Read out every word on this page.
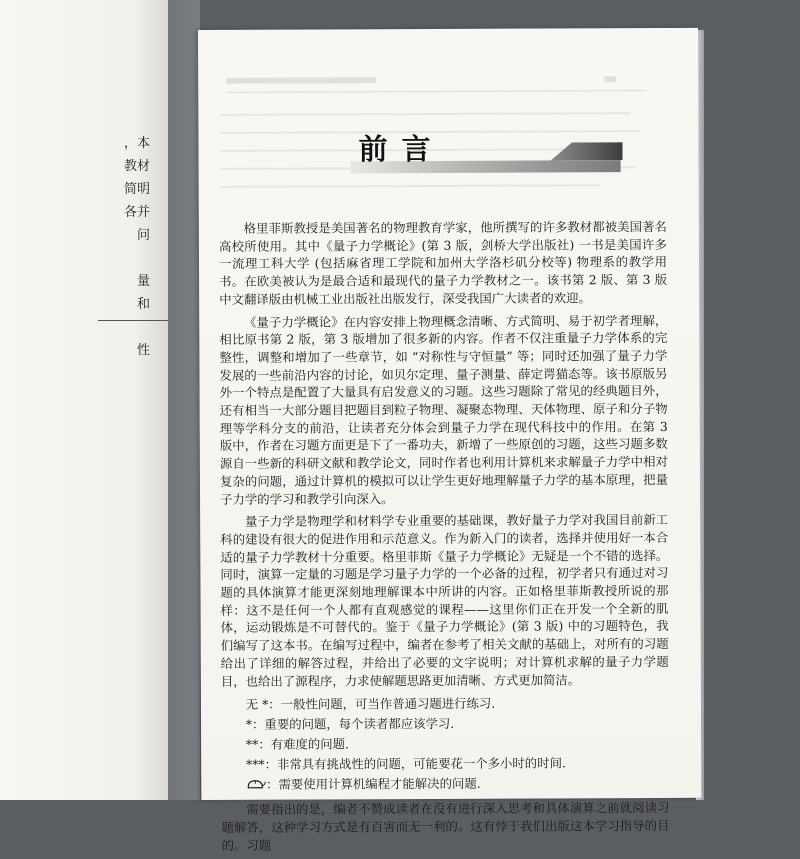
，本
教材
简明
各并
问
量
和
性
前言

格里菲斯教授是美国著名的物理教育学家，他所撰写的许多教材都被美国著名高校所使用。其中《量子力学概论》(第 3 版，剑桥大学出版社) 一书是美国许多一流理工科大学 (包括麻省理工学院和加州大学洛杉矶分校等) 物理系的教学用书。在欧美被认为是最合适和最现代的量子力学教材之一。该书第 2 版、第 3 版中文翻译版由机械工业出版社出版发行，深受我国广大读者的欢迎。

《量子力学概论》在内容安排上物理概念清晰、方式简明、易于初学者理解，相比原书第 2 版，第 3 版增加了很多新的内容。作者不仅注重量子力学体系的完整性，调整和增加了一些章节，如 “对称性与守恒量” 等；同时还加强了量子力学发展的一些前沿内容的讨论，如贝尔定理、量子测量、薛定谔猫态等。该书原版另外一个特点是配置了大量具有启发意义的习题。这些习题除了常见的经典题目外，还有相当一大部分题目把题目到粒子物理、凝聚态物理、天体物理、原子和分子物理等学科分支的前沿，让读者充分体会到量子力学在现代科技中的作用。在第 3 版中，作者在习题方面更是下了一番功夫，新增了一些原创的习题，这些习题多数源自一些新的科研文献和教学论文，同时作者也利用计算机来求解量子力学中相对复杂的问题，通过计算机的模拟可以让学生更好地理解量子力学的基本原理，把量子力学的学习和教学引向深入。

量子力学是物理学和材料学专业重要的基础课，教好量子力学对我国目前新工科的建设有很大的促进作用和示范意义。作为新入门的读者，选择并使用好一本合适的量子力学教材十分重要。格里菲斯《量子力学概论》无疑是一个不错的选择。同时，演算一定量的习题是学习量子力学的一个必备的过程，初学者只有通过对习题的具体演算才能更深刻地理解课本中所讲的内容。正如格里菲斯教授所说的那样：这不是任何一个人都有直观感觉的课程——这里你们正在开发一个全新的肌体，运动锻炼是不可替代的。鉴于《量子力学概论》(第 3 版) 中的习题特色，我们编写了这本书。在编写过程中，编者在参考了相关文献的基础上，对所有的习题给出了详细的解答过程，并给出了必要的文字说明；对计算机求解的量子力学题目，也给出了源程序，力求使解题思路更加清晰、方式更加简洁。

无 *：一般性问题，可当作普通习题进行练习.
*：重要的问题，每个读者都应该学习.
**：有难度的问题.
***：非常具有挑战性的问题，可能要花一个多小时的时间.
：需要使用计算机编程才能解决的问题.

需要指出的是，编者不赞成读者在没有进行深入思考和具体演算之前就阅读习题解答，这种学习方式是有百害而无一利的。这有悖于我们出版这本学习指导的目的。习题
